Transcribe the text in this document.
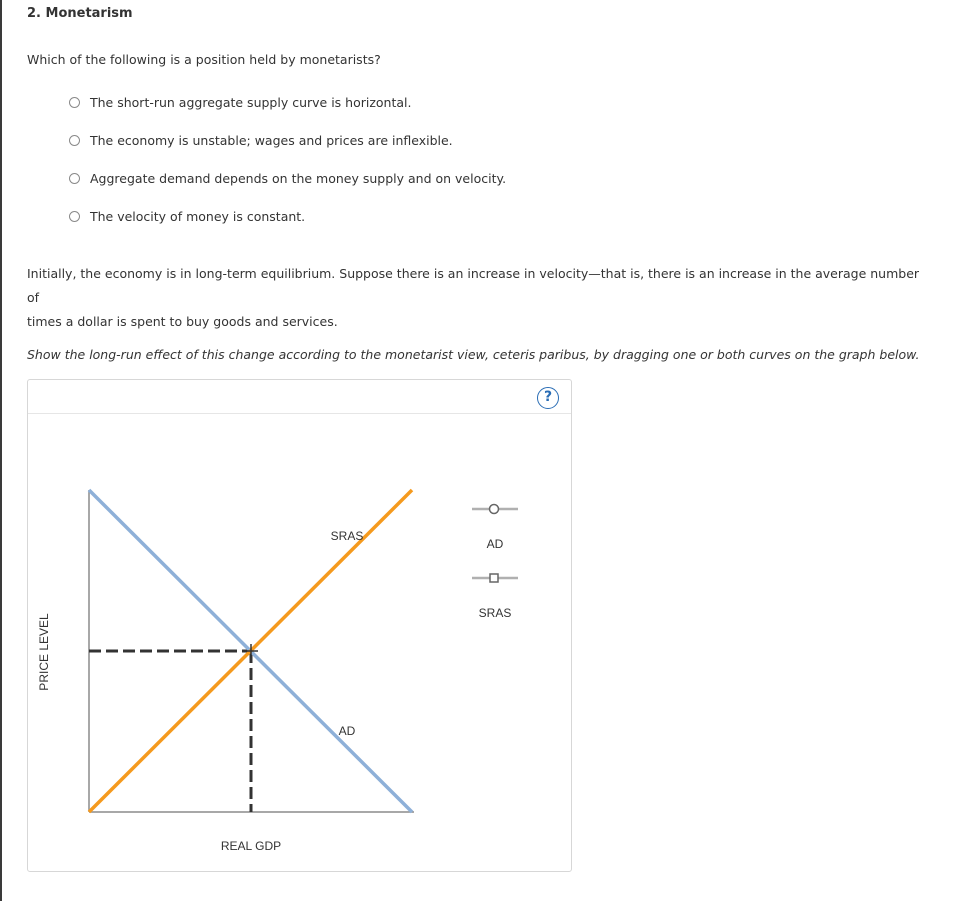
2. Monetarism
Which of the following is a position held by monetarists?
The short-run aggregate supply curve is horizontal.
The economy is unstable; wages and prices are inflexible.
Aggregate demand depends on the money supply and on velocity.
The velocity of money is constant.
Initially, the economy is in long-term equilibrium. Suppose there is an increase in velocity—that is, there is an increase in the average number of
times a dollar is spent to buy goods and services.
Show the long-run effect of this change according to the monetarist view, ceteris paribus, by dragging one or both curves on the graph below.
?
SRAS
AD
REAL GDP
PRICE LEVEL
AD
SRAS
